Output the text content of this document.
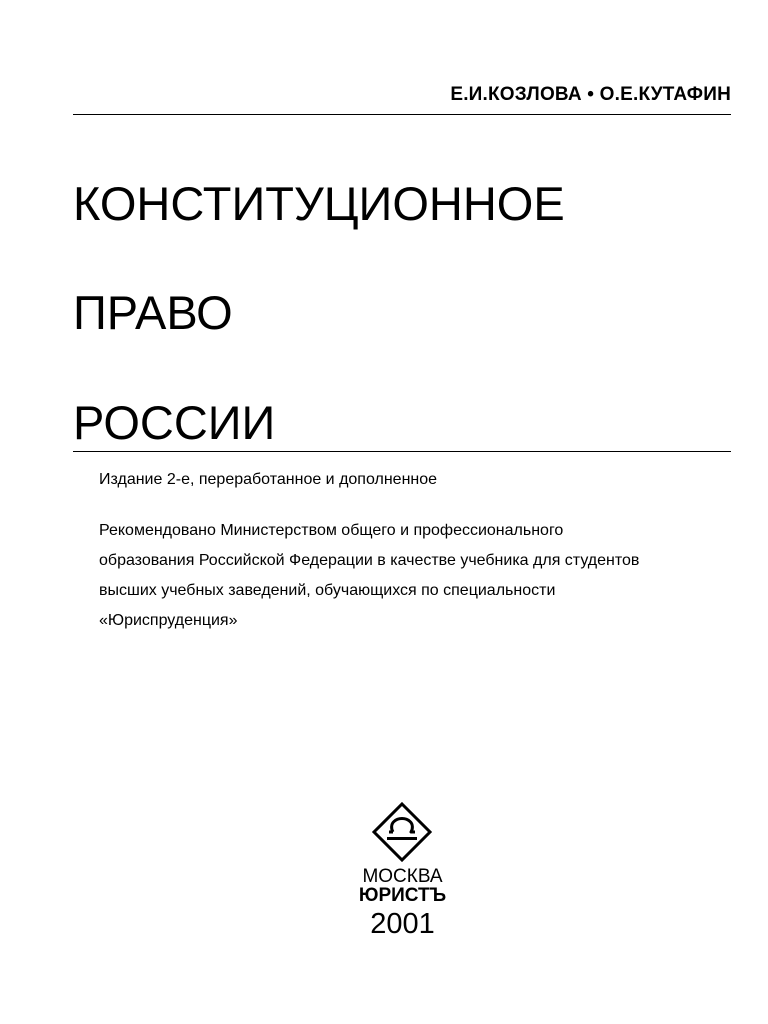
Е.И.КОЗЛОВА • О.Е.КУТАФИН
КОНСТИТУЦИОННОЕ
ПРАВО
РОССИИ
Издание 2-е, переработанное и дополненное
Рекомендовано Министерством общего и профессионального
образования Российской Федерации в качестве учебника для студентов
высших учебных заведений, обучающихся по специальности
«Юриспруденция»
МОСКВА
ЮРИСТЪ
2001
